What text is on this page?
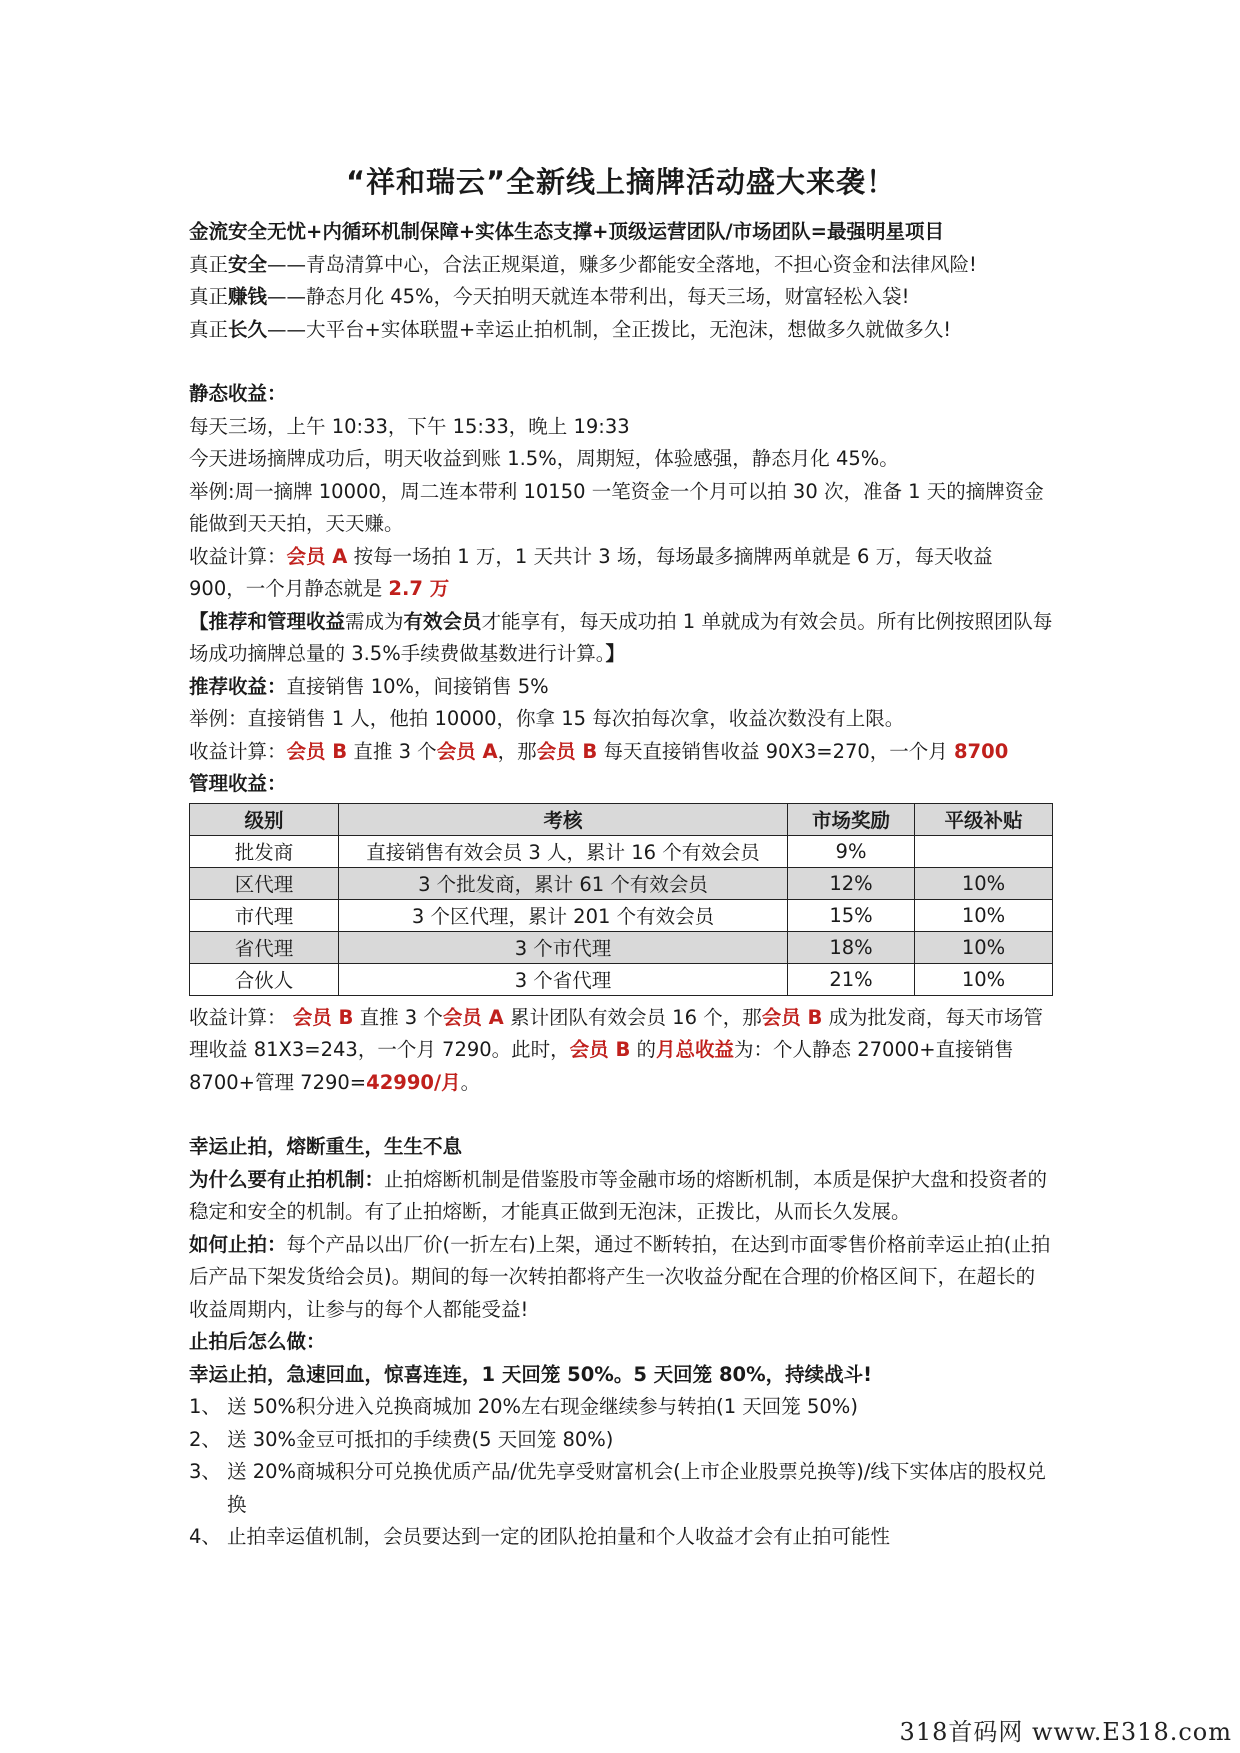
“祥和瑞云”全新线上摘牌活动盛大来袭！

金流安全无忧+内循环机制保障+实体生态支撑+顶级运营团队/市场团队=最强明星项目

真正安全——青岛清算中心，合法正规渠道，赚多少都能安全落地，不担心资金和法律风险!

真正赚钱——静态月化 45%，今天拍明天就连本带利出，每天三场，财富轻松入袋!

真正长久——大平台+实体联盟+幸运止拍机制，全正拨比，无泡沫，想做多久就做多久!

静态收益：

每天三场，上午 10:33，下午 15:33，晚上 19:33

今天进场摘牌成功后，明天收益到账 1.5%，周期短，体验感强，静态月化 45%。

举例:周一摘牌 10000，周二连本带利 10150 一笔资金一个月可以拍 30 次，准备 1 天的摘牌资金能做到天天拍，天天赚。

收益计算：会员 A 按每一场拍 1 万，1 天共计 3 场，每场最多摘牌两单就是 6 万，每天收益 900，一个月静态就是 2.7 万

【推荐和管理收益需成为有效会员才能享有，每天成功拍 1 单就成为有效会员。所有比例按照团队每场成功摘牌总量的 3.5%手续费做基数进行计算。】

推荐收益：直接销售 10%，间接销售 5%

举例：直接销售 1 人，他拍 10000，你拿 15 每次拍每次拿，收益次数没有上限。

收益计算：会员 B 直推 3 个会员 A，那会员 B 每天直接销售收益 90X3=270，一个月 8700

管理收益：

级别	考核	市场奖励	平级补贴
批发商	直接销售有效会员 3 人，累计 16 个有效会员	9%	
区代理	3 个批发商，累计 61 个有效会员	12%	10%
市代理	3 个区代理，累计 201 个有效会员	15%	10%
省代理	3 个市代理	18%	10%
合伙人	3 个省代理	21%	10%

收益计算： 会员 B 直推 3 个会员 A 累计团队有效会员 16 个，那会员 B 成为批发商，每天市场管理收益 81X3=243，一个月 7290。此时，会员 B 的月总收益为：个人静态 27000+直接销售 8700+管理 7290=42990/月。

幸运止拍，熔断重生，生生不息

为什么要有止拍机制：止拍熔断机制是借鉴股市等金融市场的熔断机制，本质是保护大盘和投资者的稳定和安全的机制。有了止拍熔断，才能真正做到无泡沫，正拨比，从而长久发展。

如何止拍：每个产品以出厂价(一折左右)上架，通过不断转拍，在达到市面零售价格前幸运止拍(止拍后产品下架发货给会员)。期间的每一次转拍都将产生一次收益分配在合理的价格区间下，在超长的收益周期内，让参与的每个人都能受益!

止拍后怎么做：

幸运止拍，急速回血，惊喜连连，1 天回笼 50%。5 天回笼 80%，持续战斗!

1、 送 50%积分进入兑换商城加 20%左右现金继续参与转拍(1 天回笼 50%)
2、 送 30%金豆可抵扣的手续费(5 天回笼 80%)
3、 送 20%商城积分可兑换优质产品/优先享受财富机会(上市企业股票兑换等)/线下实体店的股权兑换
4、 止拍幸运值机制，会员要达到一定的团队抢拍量和个人收益才会有止拍可能性
318首码网 www.E318.com
